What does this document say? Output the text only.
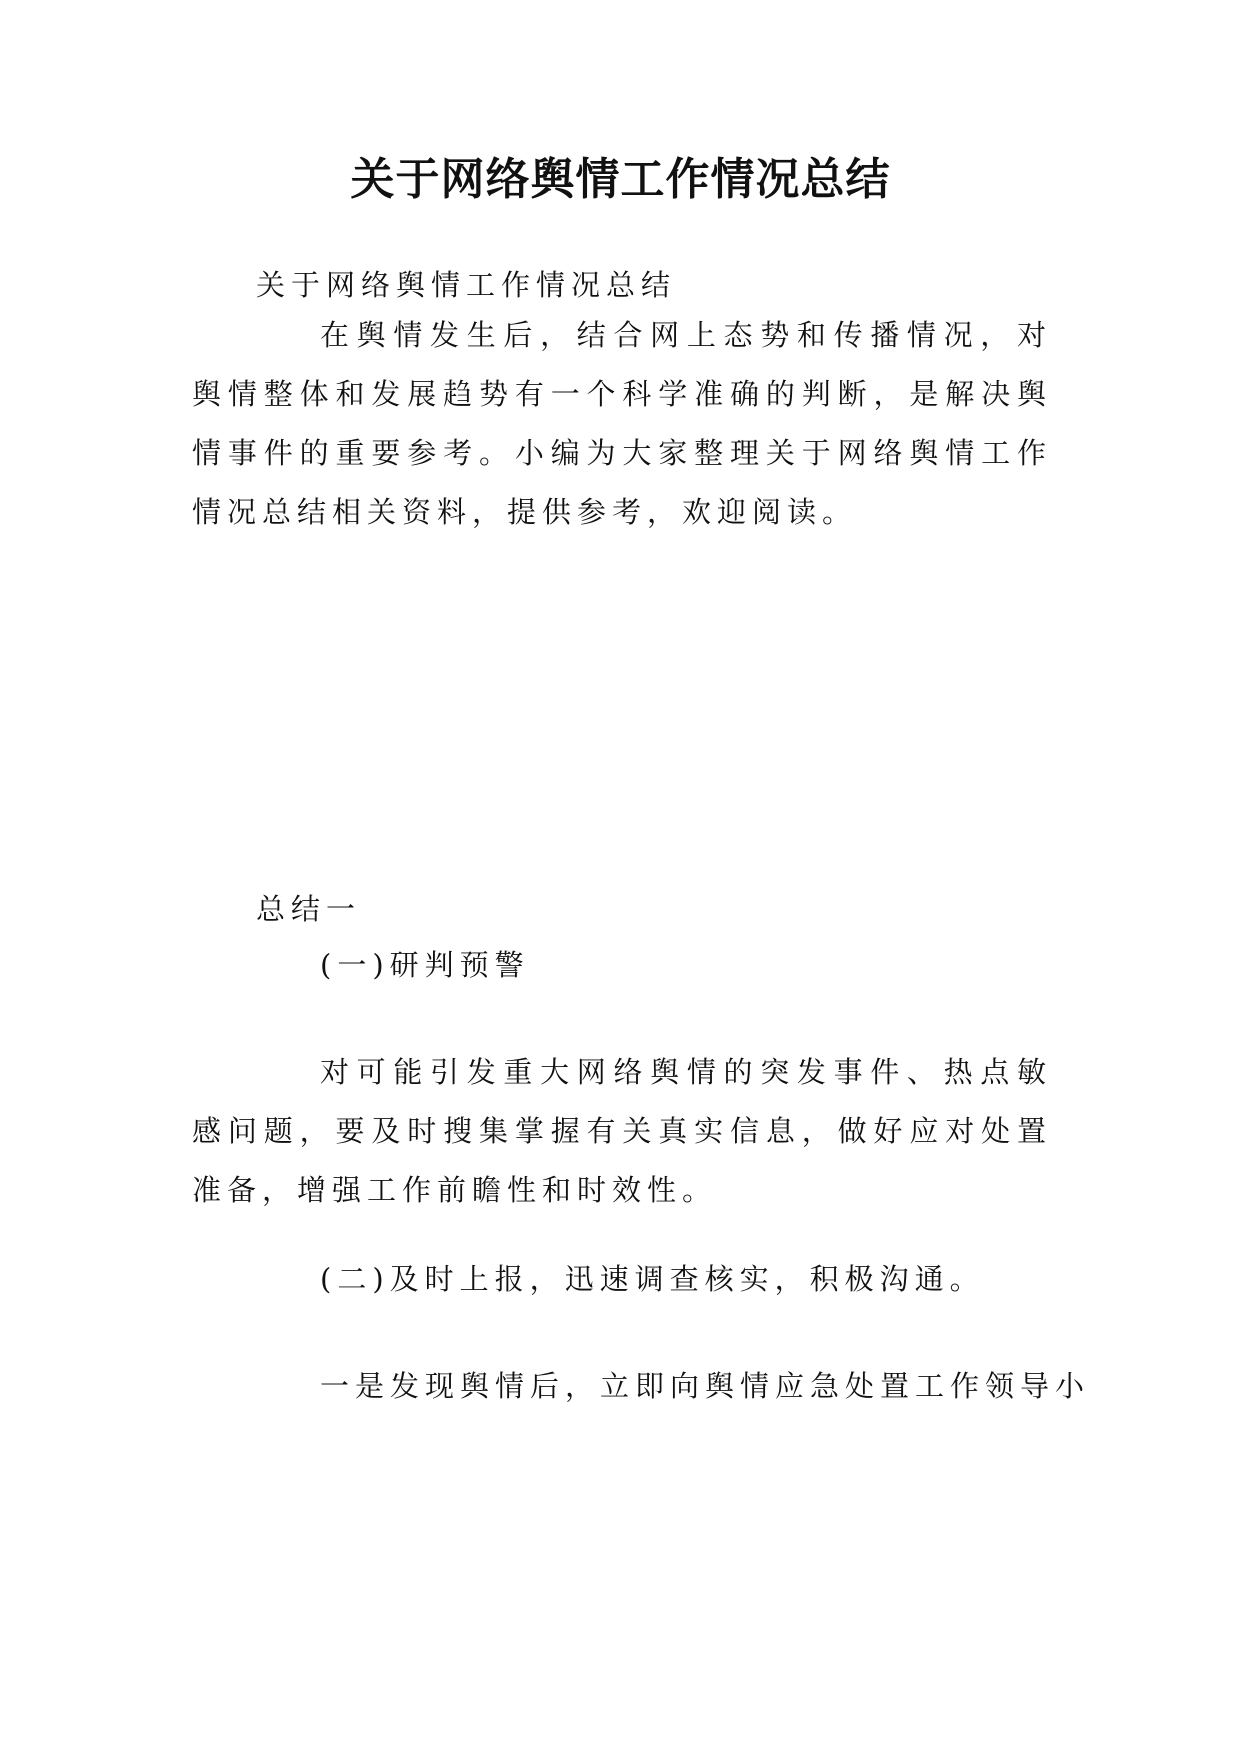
关于网络舆情工作情况总结
关于网络舆情工作情况总结
在舆情发生后，结合网上态势和传播情况，对舆情整体和发展趋势有一个科学准确的判断，是解决舆情事件的重要参考。小编为大家整理关于网络舆情工作情况总结相关资料，提供参考，欢迎阅读。
总结一
(一)研判预警
对可能引发重大网络舆情的突发事件、热点敏感问题，要及时搜集掌握有关真实信息，做好应对处置准备，增强工作前瞻性和时效性。
(二)及时上报，迅速调查核实，积极沟通。
一是发现舆情后，立即向舆情应急处置工作领导小
